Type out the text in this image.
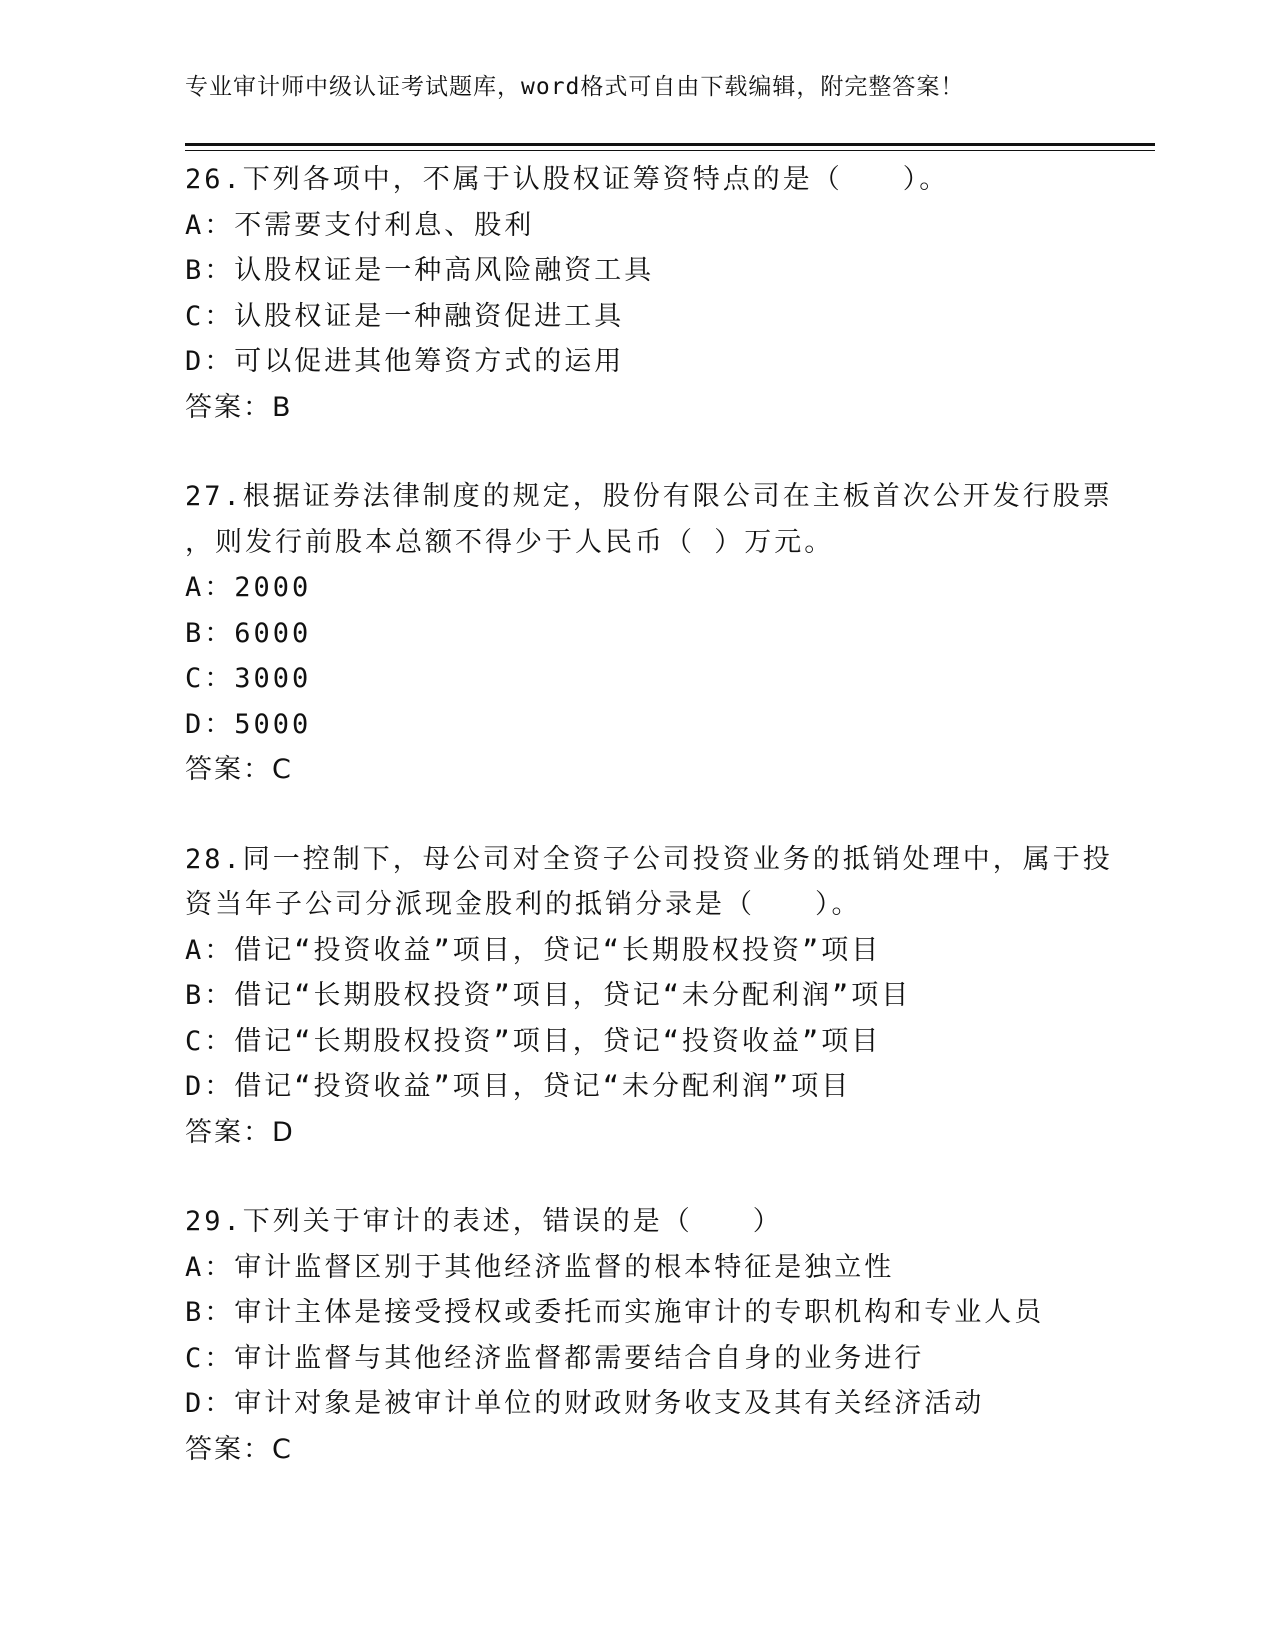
专业审计师中级认证考试题库，word格式可自由下载编辑，附完整答案！
26.下列各项中，不属于认股权证筹资特点的是（　　）。
A：不需要支付利息、股利
B：认股权证是一种高风险融资工具
C：认股权证是一种融资促进工具
D：可以促进其他筹资方式的运用
答案：B
27.根据证券法律制度的规定，股份有限公司在主板首次公开发行股票
，则发行前股本总额不得少于人民币（ ）万元。
A：2000
B：6000
C：3000
D：5000
答案：C
28.同一控制下，母公司对全资子公司投资业务的抵销处理中，属于投
资当年子公司分派现金股利的抵销分录是（　　）。
A：借记“投资收益”项目，贷记“长期股权投资”项目
B：借记“长期股权投资”项目，贷记“未分配利润”项目
C：借记“长期股权投资”项目，贷记“投资收益”项目
D：借记“投资收益”项目，贷记“未分配利润”项目
答案：D
29.下列关于审计的表述，错误的是（　　）
A：审计监督区别于其他经济监督的根本特征是独立性
B：审计主体是接受授权或委托而实施审计的专职机构和专业人员
C：审计监督与其他经济监督都需要结合自身的业务进行
D：审计对象是被审计单位的财政财务收支及其有关经济活动
答案：C
